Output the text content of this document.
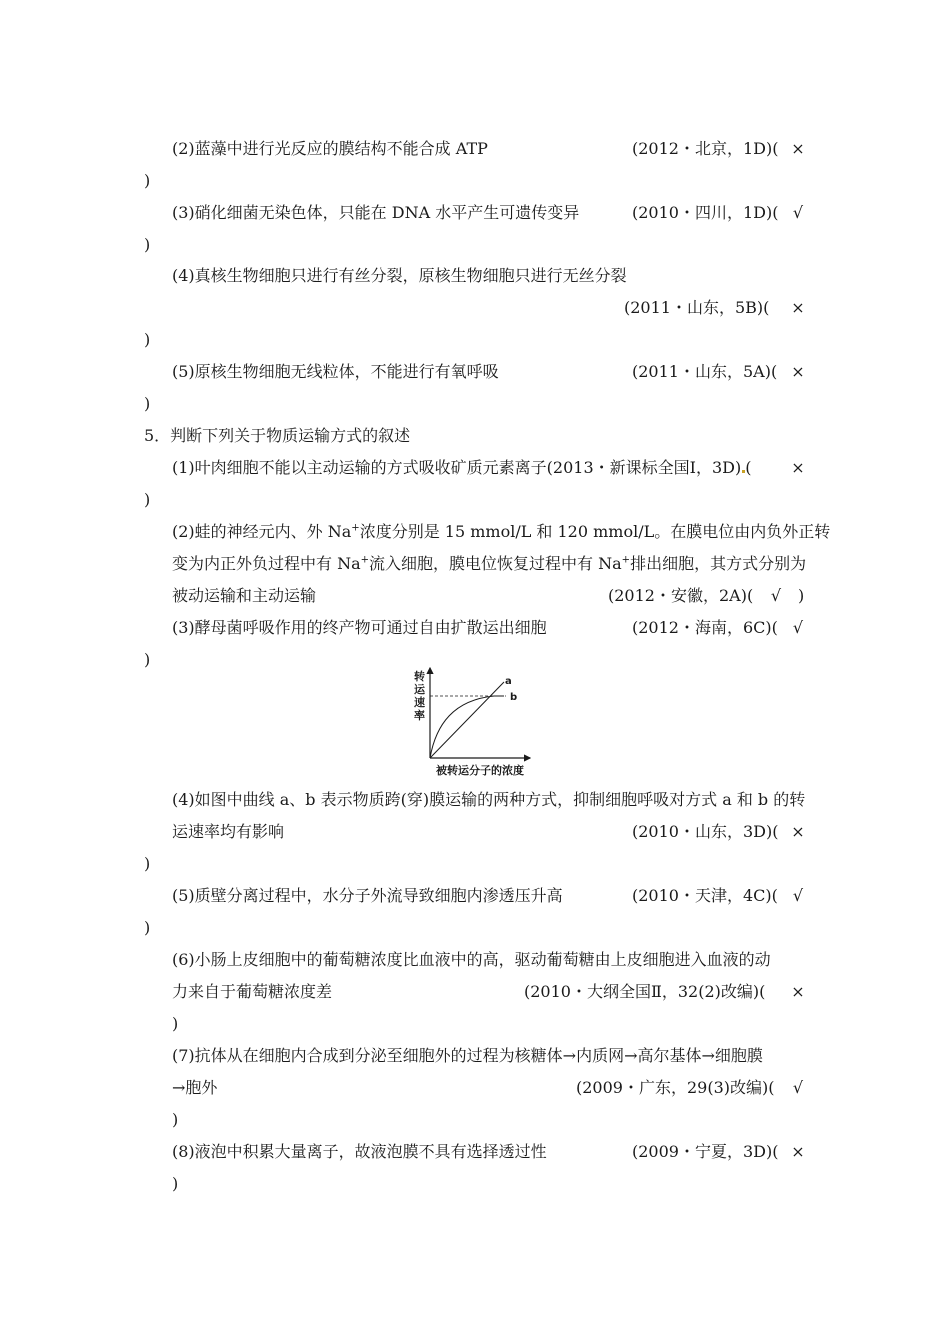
(2)蓝藻中进行光反应的膜结构不能合成 ATP	(2012・北京，1D)( ×
)
(3)硝化细菌无染色体，只能在 DNA 水平产生可遗传变异	(2010・四川，1D)( √
)
(4)真核生物细胞只进行有丝分裂，原核生物细胞只进行无丝分裂
(2011・山东，5B)( ×
)
(5)原核生物细胞无线粒体，不能进行有氧呼吸	(2011・山东，5A)( ×
)
5．判断下列关于物质运输方式的叙述
(1)叶肉细胞不能以主动运输的方式吸收矿质元素离子(2013・新课标全国Ⅰ，3D) ( ×
)
(2)蛙的神经元内、外 Na+浓度分别是 15 mmol/L 和 120 mmol/L。在膜电位由内负外正转
变为内正外负过程中有 Na+流入细胞，膜电位恢复过程中有 Na+排出细胞，其方式分别为
被动运输和主动运输	(2012・安徽，2A)( √ )
(3)酵母菌呼吸作用的终产物可通过自由扩散运出细胞	(2012・海南，6C)( √
)
转
运
速
率
a
b
被转运分子的浓度
(4)如图中曲线 a、b 表示物质跨(穿)膜运输的两种方式，抑制细胞呼吸对方式 a 和 b 的转
运速率均有影响	(2010・山东，3D)( ×
)
(5)质壁分离过程中，水分子外流导致细胞内渗透压升高	(2010・天津，4C)( √
)
(6)小肠上皮细胞中的葡萄糖浓度比血液中的高，驱动葡萄糖由上皮细胞进入血液的动
力来自于葡萄糖浓度差	(2010・大纲全国Ⅱ，32(2)改编)( ×
)
(7)抗体从在细胞内合成到分泌至细胞外的过程为核糖体→内质网→高尔基体→细胞膜
→胞外	(2009・广东，29(3)改编)( √
)
(8)液泡中积累大量离子，故液泡膜不具有选择透过性	(2009・宁夏，3D)( ×
)
